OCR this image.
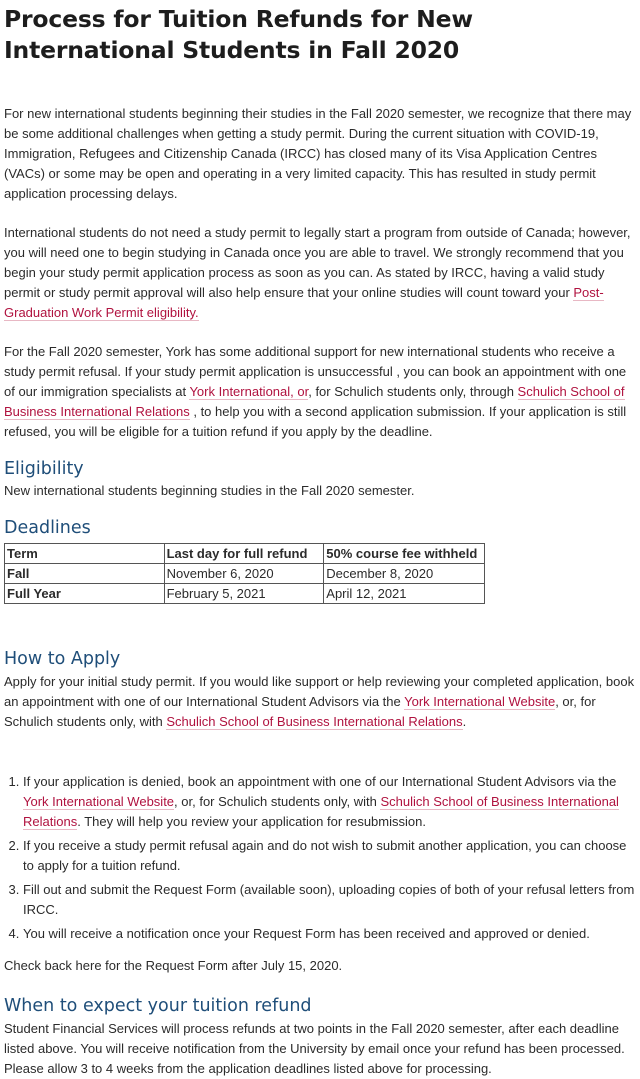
Process for Tuition Refunds for New International Students in Fall 2020

For new international students beginning their studies in the Fall 2020 semester, we recognize that there may be some additional challenges when getting a study permit. During the current situation with COVID-19, Immigration, Refugees and Citizenship Canada (IRCC) has closed many of its Visa Application Centres (VACs) or some may be open and operating in a very limited capacity. This has resulted in study permit application processing delays.

International students do not need a study permit to legally start a program from outside of Canada; however, you will need one to begin studying in Canada once you are able to travel. We strongly recommend that you begin your study permit application process as soon as you can. As stated by IRCC, having a valid study permit or study permit approval will also help ensure that your online studies will count toward your Post-Graduation Work Permit eligibility.

For the Fall 2020 semester, York has some additional support for new international students who receive a study permit refusal. If your study permit application is unsuccessful , you can book an appointment with one of our immigration specialists at York International, or, for Schulich students only, through Schulich School of Business International Relations , to help you with a second application submission. If your application is still refused, you will be eligible for a tuition refund if you apply by the deadline.

Eligibility

New international students beginning studies in the Fall 2020 semester.

Deadlines
Term	Last day for full refund	50% course fee withheld
Fall	November 6, 2020	December 8, 2020
Full Year	February 5, 2021	April 12, 2021
How to Apply

Apply for your initial study permit. If you would like support or help reviewing your completed application, book an appointment with one of our International Student Advisors via the York International Website, or, for Schulich students only, with Schulich School of Business International Relations.

1. If your application is denied, book an appointment with one of our International Student Advisors via the York International Website, or, for Schulich students only, with Schulich School of Business International Relations. They will help you review your application for resubmission.
2. If you receive a study permit refusal again and do not wish to submit another application, you can choose to apply for a tuition refund.
3. Fill out and submit the Request Form (available soon), uploading copies of both of your refusal letters from IRCC.
4. You will receive a notification once your Request Form has been received and approved or denied.

Check back here for the Request Form after July 15, 2020.

When to expect your tuition refund

Student Financial Services will process refunds at two points in the Fall 2020 semester, after each deadline listed above. You will receive notification from the University by email once your refund has been processed. Please allow 3 to 4 weeks from the application deadlines listed above for processing.
